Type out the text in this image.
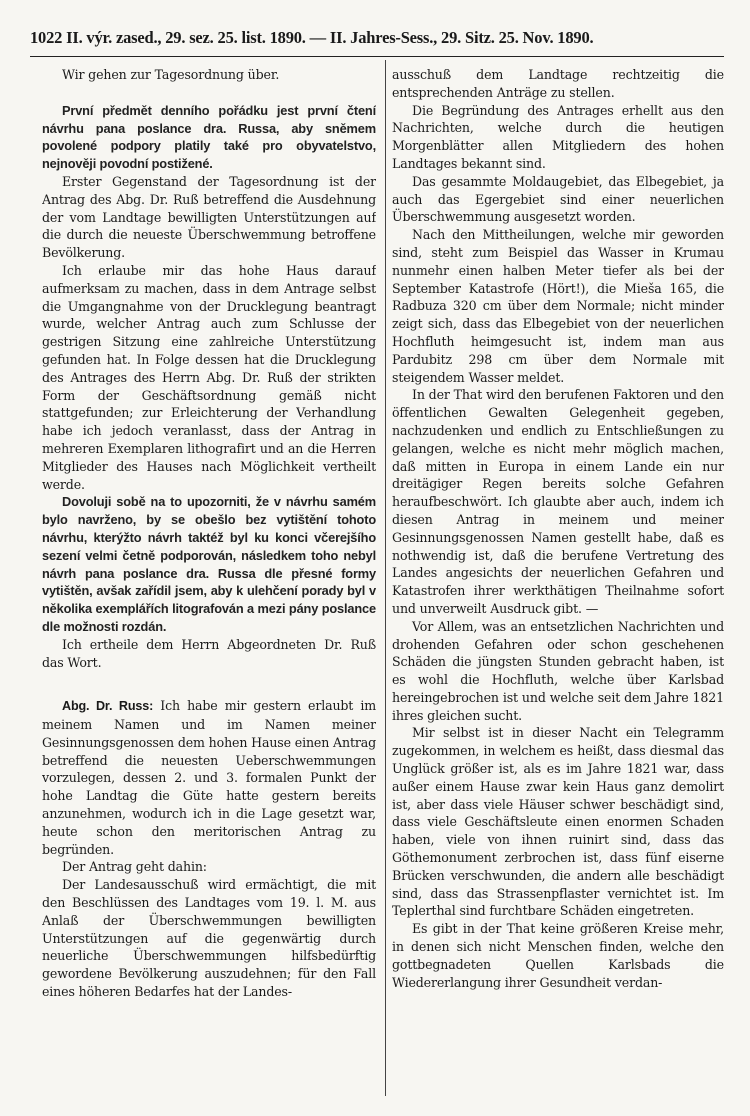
1022 II. výr. zased., 29. sez. 25. list. 1890. — II. Jahres-Sess., 29. Sitz. 25. Nov. 1890.

Wir gehen zur Tagesordnung über.

První předmět denního pořádku jest první čtení návrhu pana poslance dra. Russa, aby sněmem povolené podpory platily také pro obyvatelstvo, nejnověji povodní postižené.

Erster Gegenstand der Tagesordnung ist der Antrag des Abg. Dr. Ruß betreffend die Ausdehnung der vom Landtage bewilligten Unterstützungen auf die durch die neueste Überschwemmung betroffene Bevölkerung.

Ich erlaube mir das hohe Haus darauf aufmerksam zu machen, dass in dem Antrage selbst die Umgangnahme von der Drucklegung beantragt wurde, welcher Antrag auch zum Schlusse der gestrigen Sitzung eine zahlreiche Unterstützung gefunden hat. In Folge dessen hat die Drucklegung des Antrages des Herrn Abg. Dr. Ruß der strikten Form der Geschäftsordnung gemäß nicht stattgefunden; zur Erleichterung der Verhandlung habe ich jedoch veranlasst, dass der Antrag in mehreren Exemplaren lithografirt und an die Herren Mitglieder des Hauses nach Möglichkeit vertheilt werde.

Dovoluji sobě na to upozorniti, že v návrhu samém bylo navrženo, by se obešlo bez vytištění tohoto návrhu, kterýžto návrh taktéž byl ku konci včerejšího sezení velmi četně podporován, následkem toho nebyl návrh pana poslance dra. Russa dle přesné formy vytištěn, avšak zařídil jsem, aby k ulehčení porady byl v několika exemplářích litografován a mezi pány poslance dle možnosti rozdán.

Ich ertheile dem Herrn Abgeordneten Dr. Ruß das Wort.

Abg. Dr. Russ: Ich habe mir gestern erlaubt im meinem Namen und im Namen meiner Gesinnungsgenossen dem hohen Hause einen Antrag betreffend die neuesten Ueberschwemmungen vorzulegen, dessen 2. und 3. formalen Punkt der hohe Landtag die Güte hatte gestern bereits anzunehmen, wodurch ich in die Lage gesetzt war, heute schon den meritorischen Antrag zu begründen.

Der Antrag geht dahin:

Der Landesausschuß wird ermächtigt, die mit den Beschlüssen des Landtages vom 19. l. M. aus Anlaß der Überschwemmungen bewilligten Unterstützungen auf die gegenwärtig durch neuerliche Überschwemmungen hilfsbedürftig gewordene Bevölkerung auszudehnen; für den Fall eines höheren Bedarfes hat der Landes-

ausschuß dem Landtage rechtzeitig die entsprechenden Anträge zu stellen.

Die Begründung des Antrages erhellt aus den Nachrichten, welche durch die heutigen Morgenblätter allen Mitgliedern des hohen Landtages bekannt sind.

Das gesammte Moldaugebiet, das Elbegebiet, ja auch das Egergebiet sind einer neuerlichen Überschwemmung ausgesetzt worden.

Nach den Mittheilungen, welche mir geworden sind, steht zum Beispiel das Wasser in Krumau nunmehr einen halben Meter tiefer als bei der September Katastrofe (Hört!), die Mieša 165, die Radbuza 320 cm über dem Normale; nicht minder zeigt sich, dass das Elbegebiet von der neuerlichen Hochfluth heimgesucht ist, indem man aus Pardubitz 298 cm über dem Normale mit steigendem Wasser meldet.

In der That wird den berufenen Faktoren und den öffentlichen Gewalten Gelegenheit gegeben, nachzudenken und endlich zu Entschließungen zu gelangen, welche es nicht mehr möglich machen, daß mitten in Europa in einem Lande ein nur dreitägiger Regen bereits solche Gefahren heraufbeschwört. Ich glaubte aber auch, indem ich diesen Antrag in meinem und meiner Gesinnungsgenossen Namen gestellt habe, daß es nothwendig ist, daß die berufene Vertretung des Landes angesichts der neuerlichen Gefahren und Katastrofen ihrer werkthätigen Theilnahme sofort und unverweilt Ausdruck gibt. —

Vor Allem, was an entsetzlichen Nachrichten und drohenden Gefahren oder schon geschehenen Schäden die jüngsten Stunden gebracht haben, ist es wohl die Hochfluth, welche über Karlsbad hereingebrochen ist und welche seit dem Jahre 1821 ihres gleichen sucht.

Mir selbst ist in dieser Nacht ein Telegramm zugekommen, in welchem es heißt, dass diesmal das Unglück größer ist, als es im Jahre 1821 war, dass außer einem Hause zwar kein Haus ganz demolirt ist, aber dass viele Häuser schwer beschädigt sind, dass viele Geschäftsleute einen enormen Schaden haben, viele von ihnen ruinirt sind, dass das Göthemonument zerbrochen ist, dass fünf eiserne Brücken verschwunden, die andern alle beschädigt sind, dass das Strassenpflaster vernichtet ist. Im Teplerthal sind furchtbare Schäden eingetreten.

Es gibt in der That keine größeren Kreise mehr, in denen sich nicht Menschen finden, welche den gottbegnadeten Quellen Karlsbads die Wiedererlangung ihrer Gesundheit verdan-
